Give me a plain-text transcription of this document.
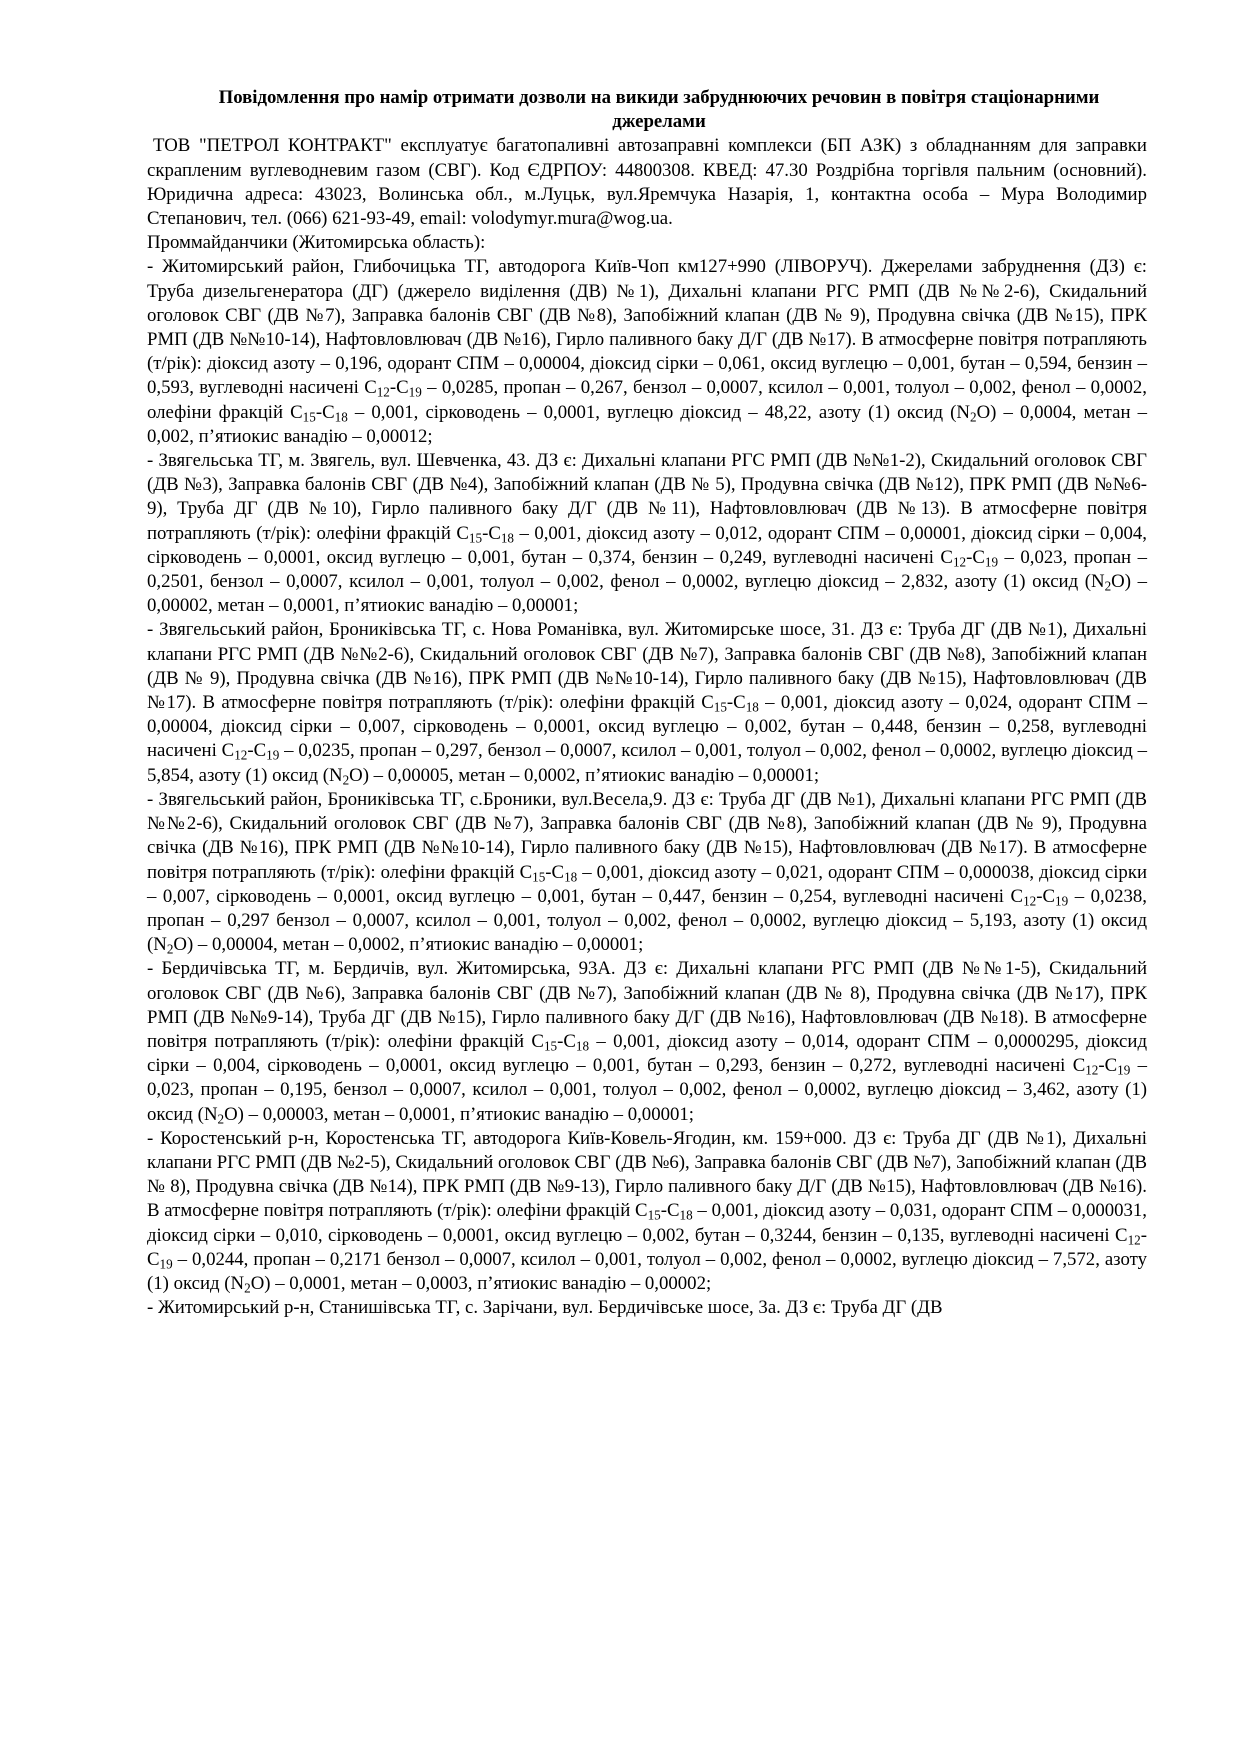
Повідомлення про намір отримати дозволи на викиди забруднюючих речовин в повітря стаціонарними джерелами

ТОВ "ПЕТРОЛ КОНТРАКТ" експлуатує багатопаливні автозаправні комплекси (БП АЗК) з обладнанням для заправки скрапленим вуглеводневим газом (СВГ). Код ЄДРПОУ: 44800308. КВЕД: 47.30 Роздрібна торгівля пальним (основний). Юридична адреса: 43023, Волинська обл., м.Луцьк, вул.Яремчука Назарія, 1, контактна особа – Мура Володимир Степанович, тел. (066) 621-93-49, email: volodymyr.mura@wog.ua.

Проммайданчики (Житомирська область):

- Житомирський район, Глибочицька ТГ, автодорога Київ-Чоп км127+990 (ЛІВОРУЧ). Джерелами забруднення (ДЗ) є: Труба дизельгенератора (ДГ) (джерело виділення (ДВ) №1), Дихальні клапани РГС РМП (ДВ №№2-6), Скидальний оголовок СВГ (ДВ №7), Заправка балонів СВГ (ДВ №8), Запобіжний клапан (ДВ № 9), Продувна свічка (ДВ №15), ПРК РМП (ДВ №№10-14), Нафтовловлювач (ДВ №16), Гирло паливного баку Д/Г (ДВ №17). В атмосферне повітря потрапляють (т/рік): діоксид азоту – 0,196, одорант СПМ – 0,00004, діоксид сірки – 0,061, оксид вуглецю – 0,001, бутан – 0,594, бензин – 0,593, вуглеводні насичені $С_{12}-С_{19} - 0,0285$, пропан – 0,267, бензол – 0,0007, ксилол – 0,001, толуол – 0,002, фенол – 0,0002, олефіни фракцій $С_{15}-С_{18} - 0,001$, сірководень – 0,0001, вуглецю діоксид – 48,22, азоту (1) оксид $(N_2O) - 0,0004$, метан – 0,002, п’ятиокис ванадію – 0,00012;

- Звягельська ТГ, м. Звягель, вул. Шевченка, 43. ДЗ є: Дихальні клапани РГС РМП (ДВ №№1-2), Скидальний оголовок СВГ (ДВ №3), Заправка балонів СВГ (ДВ №4), Запобіжний клапан (ДВ № 5), Продувна свічка (ДВ №12), ПРК РМП (ДВ №№6-9), Труба ДГ (ДВ №10), Гирло паливного баку Д/Г (ДВ №11), Нафтовловлювач (ДВ №13). В атмосферне повітря потрапляють (т/рік): олефіни фракцій $С_{15}-С_{18} - 0,001$, діоксид азоту – 0,012, одорант СПМ – 0,00001, діоксид сірки – 0,004, сірководень – 0,0001, оксид вуглецю – 0,001, бутан – 0,374, бензин – 0,249, вуглеводні насичені $С_{12}-С_{19} - 0,023$, пропан – 0,2501, бензол – 0,0007, ксилол – 0,001, толуол – 0,002, фенол – 0,0002, вуглецю діоксид – 2,832, азоту (1) оксид $(N_2O) - 0,00002$, метан – 0,0001, п’ятиокис ванадію – 0,00001;

- Звягельський район, Брониківська ТГ, с. Нова Романівка, вул. Житомирське шосе, 31. ДЗ є: Труба ДГ (ДВ №1), Дихальні клапани РГС РМП (ДВ №№2-6), Скидальний оголовок СВГ (ДВ №7), Заправка балонів СВГ (ДВ №8), Запобіжний клапан (ДВ № 9), Продувна свічка (ДВ №16), ПРК РМП (ДВ №№10-14), Гирло паливного баку (ДВ №15), Нафтовловлювач (ДВ №17). В атмосферне повітря потрапляють (т/рік): олефіни фракцій $С_{15}-С_{18} - 0,001$, діоксид азоту – 0,024, одорант СПМ – 0,00004, діоксид сірки – 0,007, сірководень – 0,0001, оксид вуглецю – 0,002, бутан – 0,448, бензин – 0,258, вуглеводні насичені $С_{12}-С_{19} - 0,0235$, пропан – 0,297, бензол – 0,0007, ксилол – 0,001, толуол – 0,002, фенол – 0,0002, вуглецю діоксид – 5,854, азоту (1) оксид $(N_2O) - 0,00005$, метан – 0,0002, п’ятиокис ванадію – 0,00001;

- Звягельський район, Брониківська ТГ, с.Броники, вул.Весела,9. ДЗ є: Труба ДГ (ДВ №1), Дихальні клапани РГС РМП (ДВ №№2-6), Скидальний оголовок СВГ (ДВ №7), Заправка балонів СВГ (ДВ №8), Запобіжний клапан (ДВ № 9), Продувна свічка (ДВ №16), ПРК РМП (ДВ №№10-14), Гирло паливного баку (ДВ №15), Нафтовловлювач (ДВ №17). В атмосферне повітря потрапляють (т/рік): олефіни фракцій $С_{15}-С_{18} - 0,001$, діоксид азоту – 0,021, одорант СПМ – 0,000038, діоксид сірки – 0,007, сірководень – 0,0001, оксид вуглецю – 0,001, бутан – 0,447, бензин – 0,254, вуглеводні насичені $С_{12}-С_{19} - 0,0238$, пропан – 0,297 бензол – 0,0007, ксилол – 0,001, толуол – 0,002, фенол – 0,0002, вуглецю діоксид – 5,193, азоту (1) оксид $(N_2O) - 0,00004$, метан – 0,0002, п’ятиокис ванадію – 0,00001;

- Бердичівська ТГ, м. Бердичів, вул. Житомирська, 93А. ДЗ є: Дихальні клапани РГС РМП (ДВ №№1-5), Скидальний оголовок СВГ (ДВ №6), Заправка балонів СВГ (ДВ №7), Запобіжний клапан (ДВ № 8), Продувна свічка (ДВ №17), ПРК РМП (ДВ №№9-14), Труба ДГ (ДВ №15), Гирло паливного баку Д/Г (ДВ №16), Нафтовловлювач (ДВ №18). В атмосферне повітря потрапляють (т/рік): олефіни фракцій $С_{15}-С_{18} - 0,001$, діоксид азоту – 0,014, одорант СПМ – 0,0000295, діоксид сірки – 0,004, сірководень – 0,0001, оксид вуглецю – 0,001, бутан – 0,293, бензин – 0,272, вуглеводні насичені $С_{12}-С_{19} - 0,023$, пропан – 0,195, бензол – 0,0007, ксилол – 0,001, толуол – 0,002, фенол – 0,0002, вуглецю діоксид – 3,462, азоту (1) оксид $(N_2O) - 0,00003$, метан – 0,0001, п’ятиокис ванадію – 0,00001;

- Коростенський р-н, Коростенська ТГ, автодорога Київ-Ковель-Ягодин, км. 159+000. ДЗ є: Труба ДГ (ДВ №1), Дихальні клапани РГС РМП (ДВ №2-5), Скидальний оголовок СВГ (ДВ №6), Заправка балонів СВГ (ДВ №7), Запобіжний клапан (ДВ № 8), Продувна свічка (ДВ №14), ПРК РМП (ДВ №9-13), Гирло паливного баку Д/Г (ДВ №15), Нафтовловлювач (ДВ №16). В атмосферне повітря потрапляють (т/рік): олефіни фракцій $С_{15}-С_{18} - 0,001$, діоксид азоту – 0,031, одорант СПМ – 0,000031, діоксид сірки – 0,010, сірководень – 0,0001, оксид вуглецю – 0,002, бутан – 0,3244, бензин – 0,135, вуглеводні насичені $С_{12}-С_{19} - 0,0244$, пропан – 0,2171 бензол – 0,0007, ксилол – 0,001, толуол – 0,002, фенол – 0,0002, вуглецю діоксид – 7,572, азоту (1) оксид $(N_2O) - 0,0001$, метан – 0,0003, п’ятиокис ванадію – 0,00002;

- Житомирський р-н, Станишівська ТГ, с. Зарічани, вул. Бердичівське шосе, 3а. ДЗ є: Труба ДГ (ДВ
